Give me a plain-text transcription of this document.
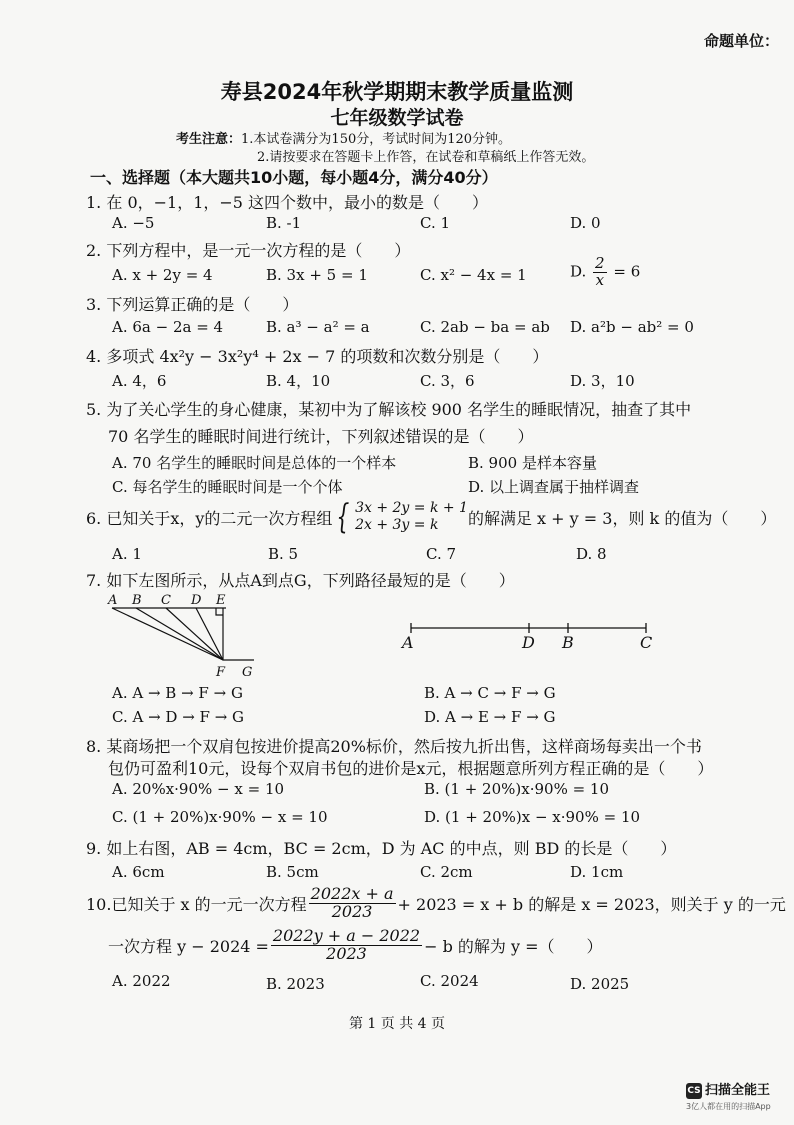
命题单位：
寿县2024年秋学期期末教学质量监测
七年级数学试卷
考生注意：1.本试卷满分为150分，考试时间为120分钟。
2.请按要求在答题卡上作答，在试卷和草稿纸上作答无效。
一、选择题（本大题共10小题，每小题4分，满分40分）
1. 在 0，−1，1，−5 这四个数中，最小的数是（　　）
A. −5	B. -1	C. 1	D. 0
2. 下列方程中，是一元一次方程的是（　　）
A. x + 2y = 4	B. 3x + 5 = 1	C. x² − 4x = 1	D. $\frac{2}{x} = 6$
3. 下列运算正确的是（　　）
A. 6a − 2a = 4	B. a³ − a² = a	C. 2ab − ba = ab D. a²b − ab² = 0
4. 多项式 4x²y − 3x²y⁴ + 2x − 7 的项数和次数分别是（　　）
A. 4，6	B. 4，10	C. 3，6	D. 3，10
5. 为了关心学生的身心健康，某初中为了解该校 900 名学生的睡眠情况，抽查了其中
70 名学生的睡眠时间进行统计，下列叙述错误的是（　　）
A. 70 名学生的睡眠时间是总体的一个样本	B. 900 是样本容量
C. 每名学生的睡眠时间是一个个体	D. 以上调查属于抽样调查
6. 已知关于x，y的二元一次方程组 { 3x + 2y = k + 1
2x + 3y = k	的解满足 x + y = 3，则 k 的值为（　　）
A. 1	B. 5	C. 7	D. 8
7. 如下左图所示，从点A到点G，下列路径最短的是（　　）
A B C D E
F G
A	D B	C
A. A → B → F → G	B. A → C → F → G
C. A → D → F → G	D. A → E → F → G
8. 某商场把一个双肩包按进价提高20%标价，然后按九折出售，这样商场每卖出一个书
包仍可盈利10元，设每个双肩书包的进价是x元，根据题意所列方程正确的是（　　）
A. 20%x·90% − x = 10	B. (1 + 20%)x·90% = 10
C. (1 + 20%)x·90% − x = 10	D. (1 + 20%)x − x·90% = 10
9. 如上右图，AB = 4cm，BC = 2cm，D 为 AC 的中点，则 BD 的长是（　　）
A. 6cm	B. 5cm	C. 2cm	D. 1cm
10.已知关于 x 的一元一次方程 $\frac{2022x + a}{2023} + 2023 = x + b$ 的解是 x = 2023，则关于 y 的一元
一次方程 $y - 2024 = \frac{2022y + a - 2022}{2023} - b$ 的解为 y =（　　）
A. 2022	B. 2023	C. 2024	D. 2025
第 1 页 共 4 页
CS 扫描全能王
3亿人都在用的扫描App
